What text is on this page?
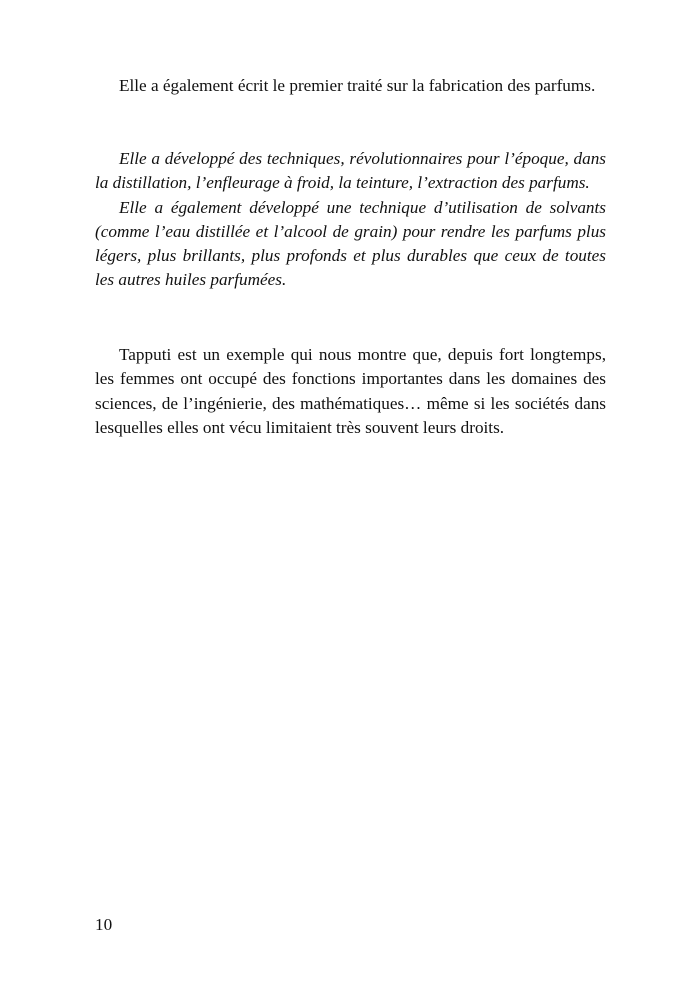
Elle a également écrit le premier traité sur la fabrication des parfums.

Elle a développé des techniques, révolutionnaires pour l’époque, dans la distillation, l’enfleurage à froid, la teinture, l’extraction des parfums.

Elle a également développé une technique d’utilisation de solvants (comme l’eau distillée et l’alcool de grain) pour rendre les parfums plus légers, plus brillants, plus profonds et plus durables que ceux de toutes les autres huiles parfumées.

Tapputi est un exemple qui nous montre que, depuis fort longtemps, les femmes ont occupé des fonctions importantes dans les domaines des sciences, de l’ingénierie, des mathématiques… même si les sociétés dans lesquelles elles ont vécu limitaient très souvent leurs droits.

10
